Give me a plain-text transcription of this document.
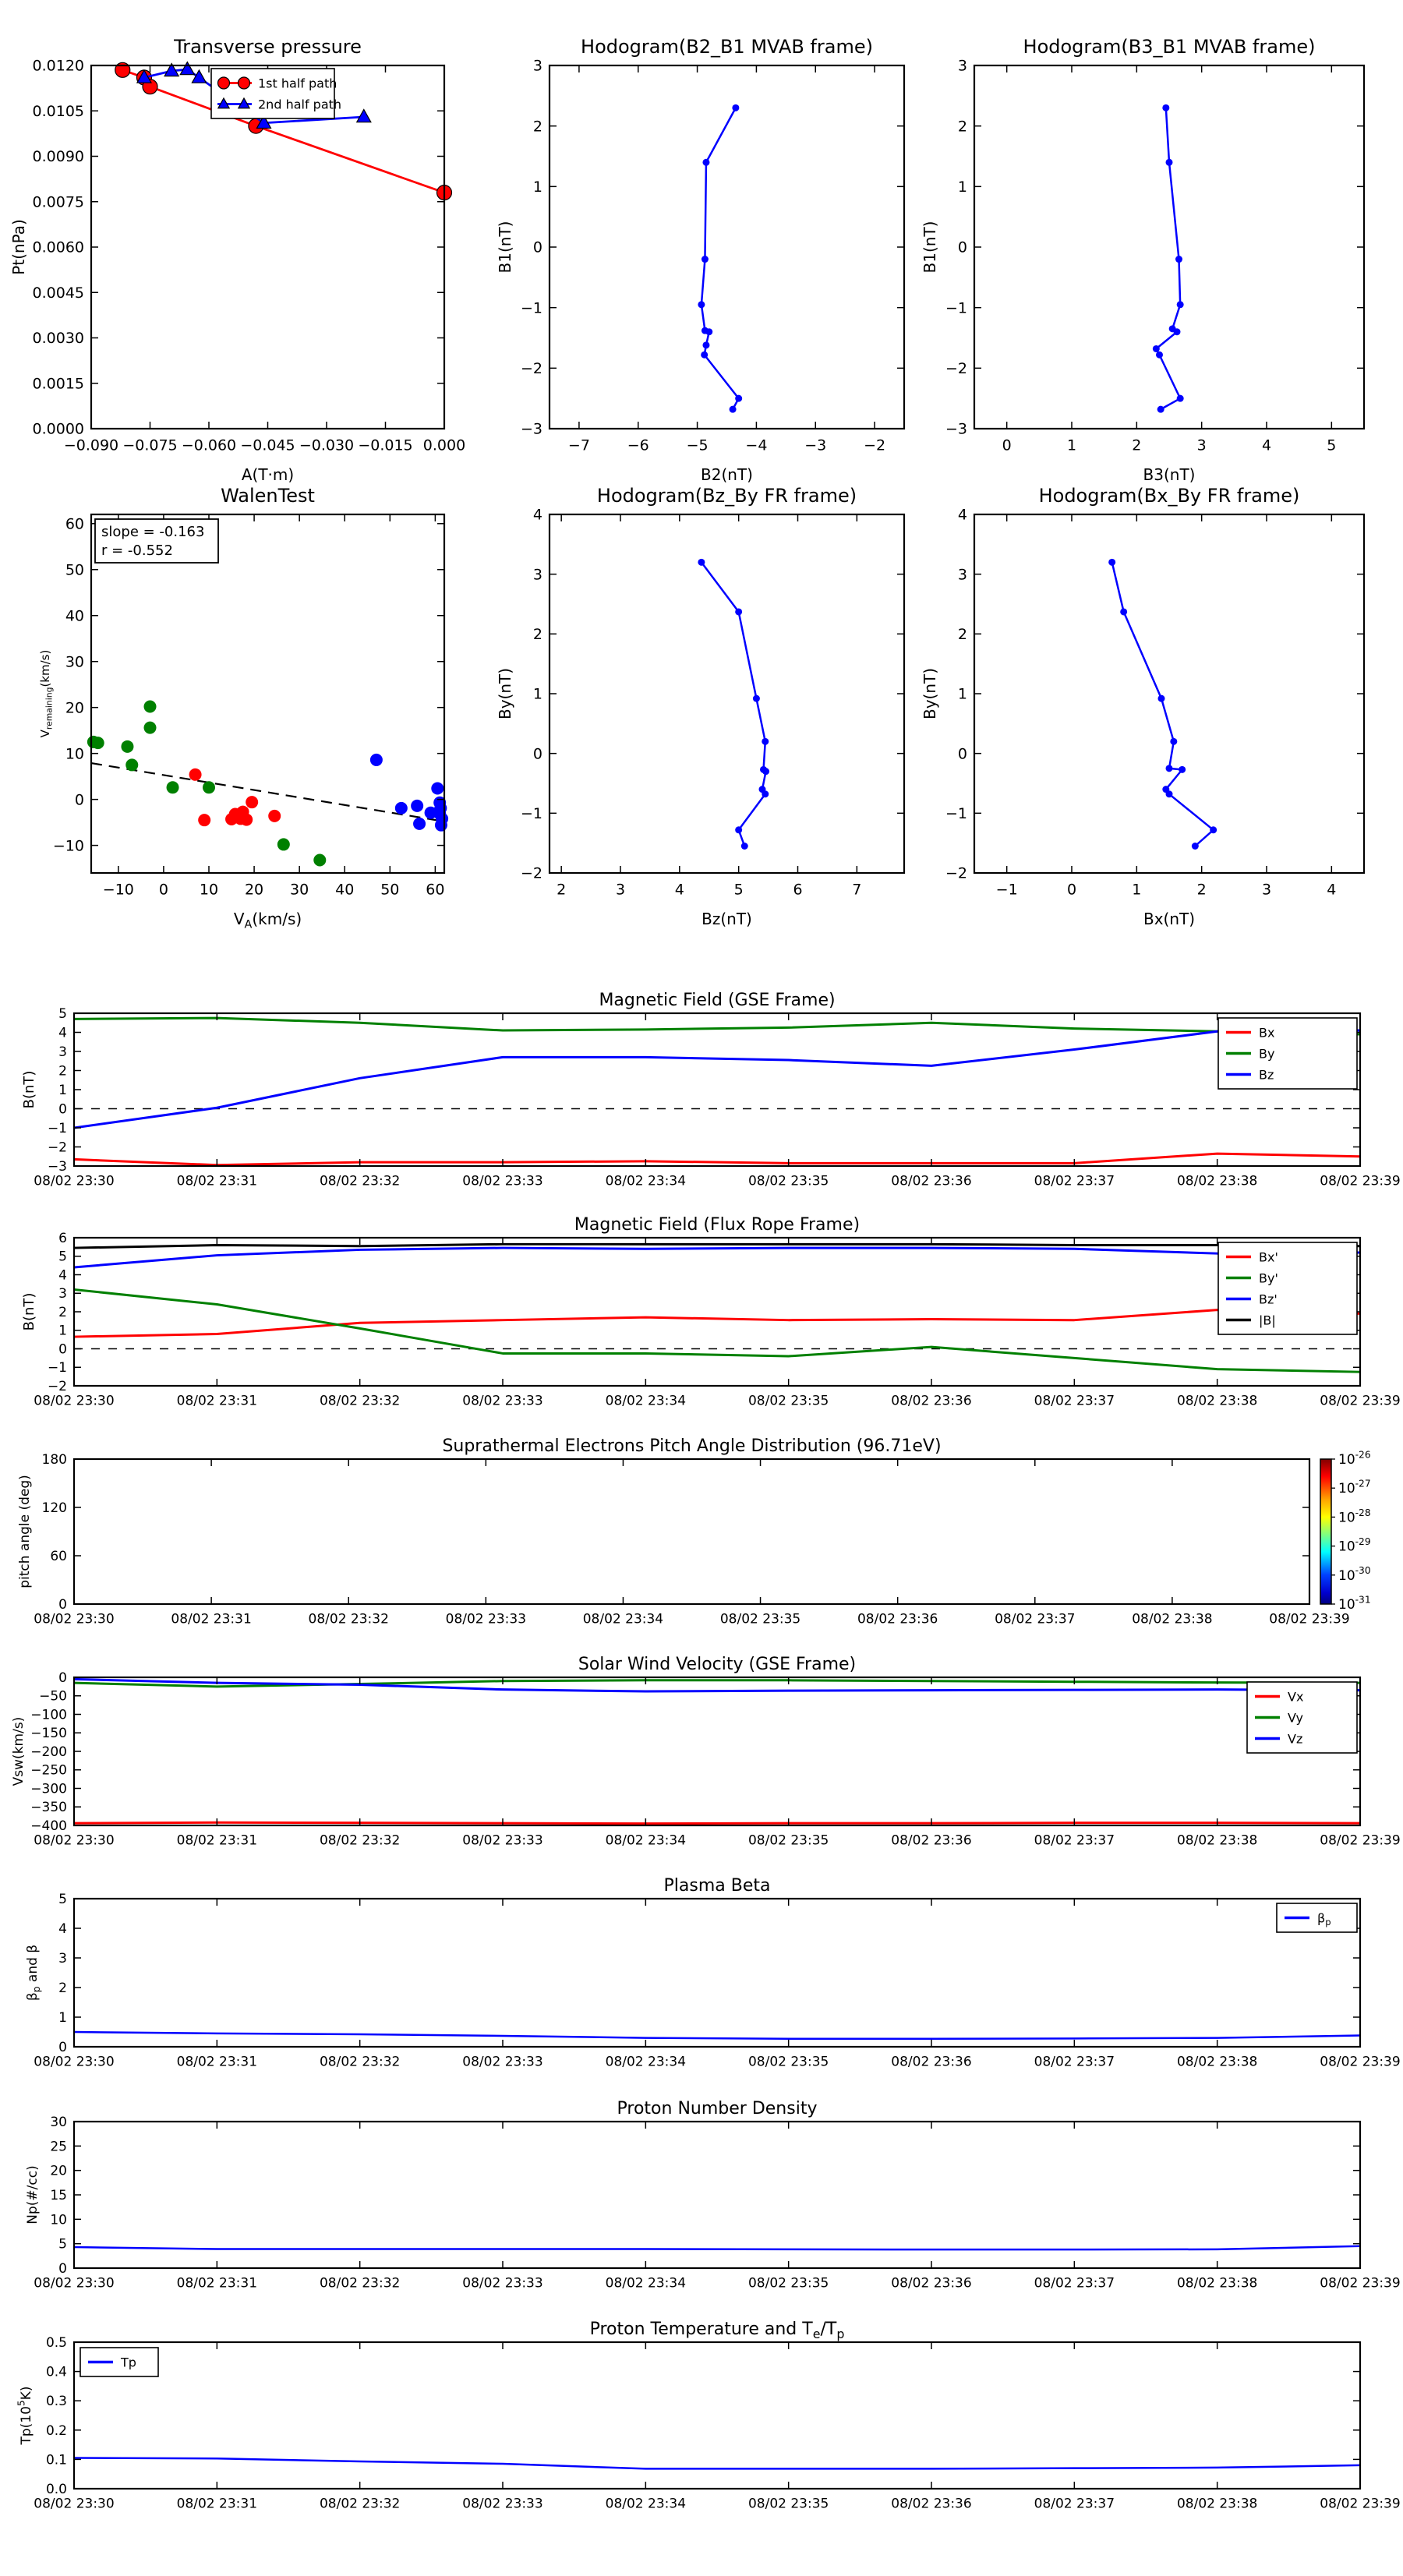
Transverse pressure
−0.090 −0.075 −0.060 −0.045 −0.030 −0.015 0.000
0.0000
0.0015
0.0030
0.0045
0.0060
0.0075
0.0090
0.0105
0.0120
A(T·m)
Pt(nPa)
1st half path
2nd half path
Hodogram(B2_B1 MVAB frame)
−7	−6	−5	−4	−3	−2
−3
−2
−1
0
1
2
3
B2(nT)
B1(nT)
Hodogram(B3_B1 MVAB frame)
0	1	2	3	4	5
−3
−2
−1
0
1
2
3
B3(nT)
B1(nT)
WalenTest
−10 0 10 20 30 40 50 60
−10
0
10
20
30
40
50
60
$V_A(km/s)$
$V_{remaining}(km/s)$
slope = -0.163
r = -0.552
Hodogram(Bz_By FR frame)
2	3	4	5	6	7
−2
−1
0
1
2
3
4
Bz(nT)
By(nT)
Hodogram(Bx_By FR frame)
−1	0	1	2	3	4
−2
−1
0
1
2
3
4
Bx(nT)
By(nT)
Magnetic Field (GSE Frame)
08/02 23:30	08/02 23:31	08/02 23:32	08/02 23:33	08/02 23:34	08/02 23:35	08/02 23:36	08/02 23:37	08/02 23:38	08/02 23:39
−3
−2
−1
0
1
2
3
4
5
B(nT)
Bx
By
Bz
Magnetic Field (Flux Rope Frame)
08/02 23:30	08/02 23:31	08/02 23:32	08/02 23:33	08/02 23:34	08/02 23:35	08/02 23:36	08/02 23:37	08/02 23:38	08/02 23:39
−2
−1
0
1
2
3
4
5
6
B(nT)
Bx'
By'
Bz'
|B|
Suprathermal Electrons Pitch Angle Distribution (96.71eV)
08/02 23:30	08/02 23:31	08/02 23:32	08/02 23:33	08/02 23:34	08/02 23:35	08/02 23:36	08/02 23:37	08/02 23:38	08/02 23:39
0
60
120
180
pitch angle (deg)
$10^{-26}$
$10^{-27}$
$10^{-28}$
$10^{-29}$
$10^{-30}$
$10^{-31}$
Solar Wind Velocity (GSE Frame)
08/02 23:30	08/02 23:31	08/02 23:32	08/02 23:33	08/02 23:34	08/02 23:35	08/02 23:36	08/02 23:37	08/02 23:38	08/02 23:39
−400
−350
−300
−250
−200
−150
−100
−50
0
Vsw(km/s)
Vx
Vy
Vz
Plasma Beta
08/02 23:30	08/02 23:31	08/02 23:32	08/02 23:33	08/02 23:34	08/02 23:35	08/02 23:36	08/02 23:37	08/02 23:38	08/02 23:39
0
1
2
3
4
5
$\beta_p$ and β
$\beta_p$
Proton Number Density
08/02 23:30	08/02 23:31	08/02 23:32	08/02 23:33	08/02 23:34	08/02 23:35	08/02 23:36	08/02 23:37	08/02 23:38	08/02 23:39
0
5
10
15
20
25
30
Np(#/cc)
Proton Temperature and $T_e/T_p$
08/02 23:30	08/02 23:31	08/02 23:32	08/02 23:33	08/02 23:34	08/02 23:35	08/02 23:36	08/02 23:37	08/02 23:38	08/02 23:39
0.0
0.1
0.2
0.3
0.4
0.5
$Tp(10^5K)$
Tp
